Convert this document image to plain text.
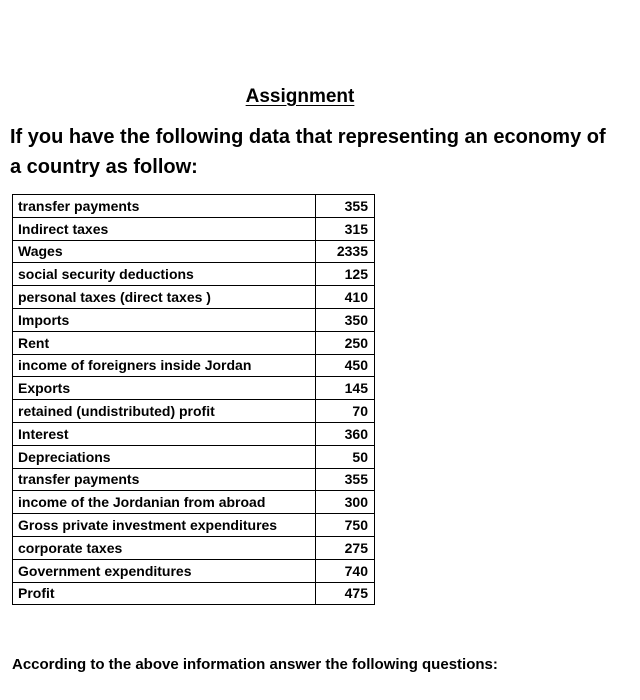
Assignment
If you have the following data that representing an economy of a country as follow:
transfer payments	355
Indirect taxes	315
Wages	2335
social security deductions	125
personal taxes (direct taxes )	410
Imports	350
Rent	250
income of foreigners inside Jordan	450
Exports	145
retained (undistributed) profit	70
Interest	360
Depreciations	50
transfer payments	355
income of the Jordanian from abroad	300
Gross private investment expenditures	750
corporate taxes	275
Government expenditures	740
Profit	475
According to the above information answer the following questions:
